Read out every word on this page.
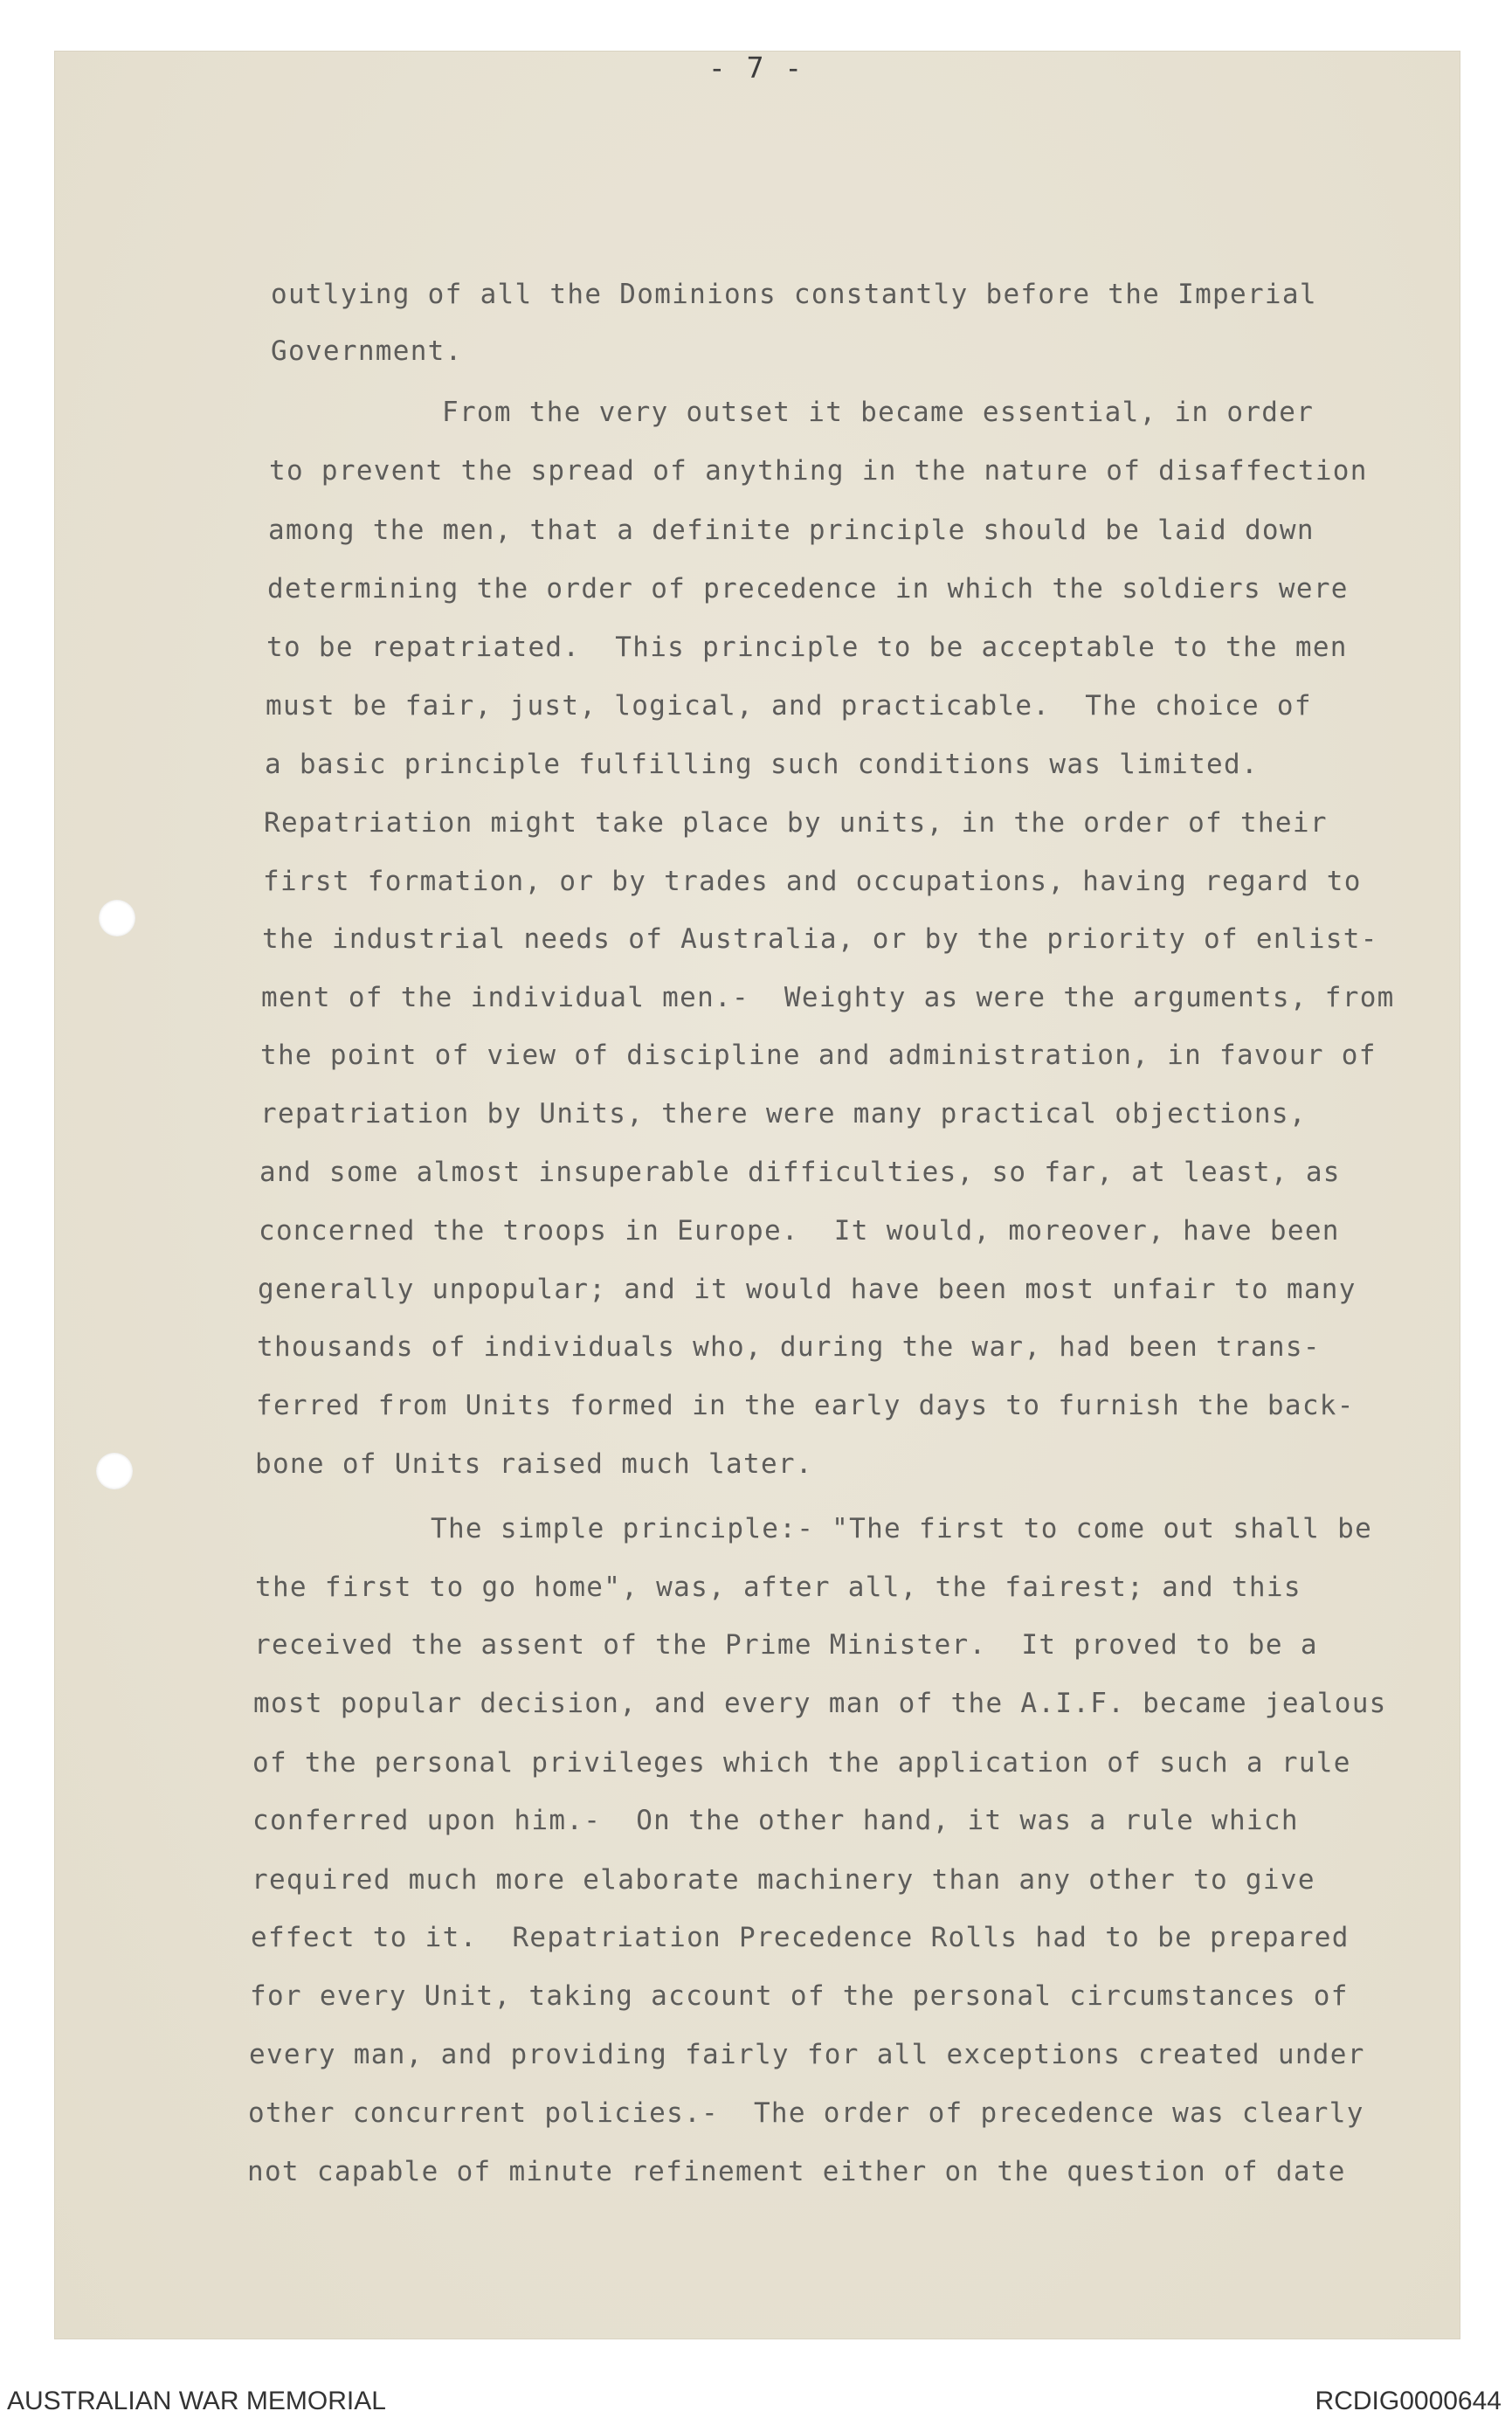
- 7 -
outlying of all the Dominions constantly before the Imperial
Government.
From the very outset it became essential, in order
to prevent the spread of anything in the nature of disaffection
among the men, that a definite principle should be laid down
determining the order of precedence in which the soldiers were
to be repatriated.  This principle to be acceptable to the men
must be fair, just, logical, and practicable.  The choice of
a basic principle fulfilling such conditions was limited.
Repatriation might take place by units, in the order of their
first formation, or by trades and occupations, having regard to
the industrial needs of Australia, or by the priority of enlist-
ment of the individual men.-  Weighty as were the arguments, from
the point of view of discipline and administration, in favour of
repatriation by Units, there were many practical objections,
and some almost insuperable difficulties, so far, at least, as
concerned the troops in Europe.  It would, moreover, have been
generally unpopular; and it would have been most unfair to many
thousands of individuals who, during the war, had been trans-
ferred from Units formed in the early days to furnish the back-
bone of Units raised much later.
The simple principle:- "The first to come out shall be
the first to go home", was, after all, the fairest; and this
received the assent of the Prime Minister.  It proved to be a
most popular decision, and every man of the A.I.F. became jealous
of the personal privileges which the application of such a rule
conferred upon him.-  On the other hand, it was a rule which
required much more elaborate machinery than any other to give
effect to it.  Repatriation Precedence Rolls had to be prepared
for every Unit, taking account of the personal circumstances of
every man, and providing fairly for all exceptions created under
other concurrent policies.-  The order of precedence was clearly
not capable of minute refinement either on the question of date
AUSTRALIAN WAR MEMORIAL	RCDIG0000644
